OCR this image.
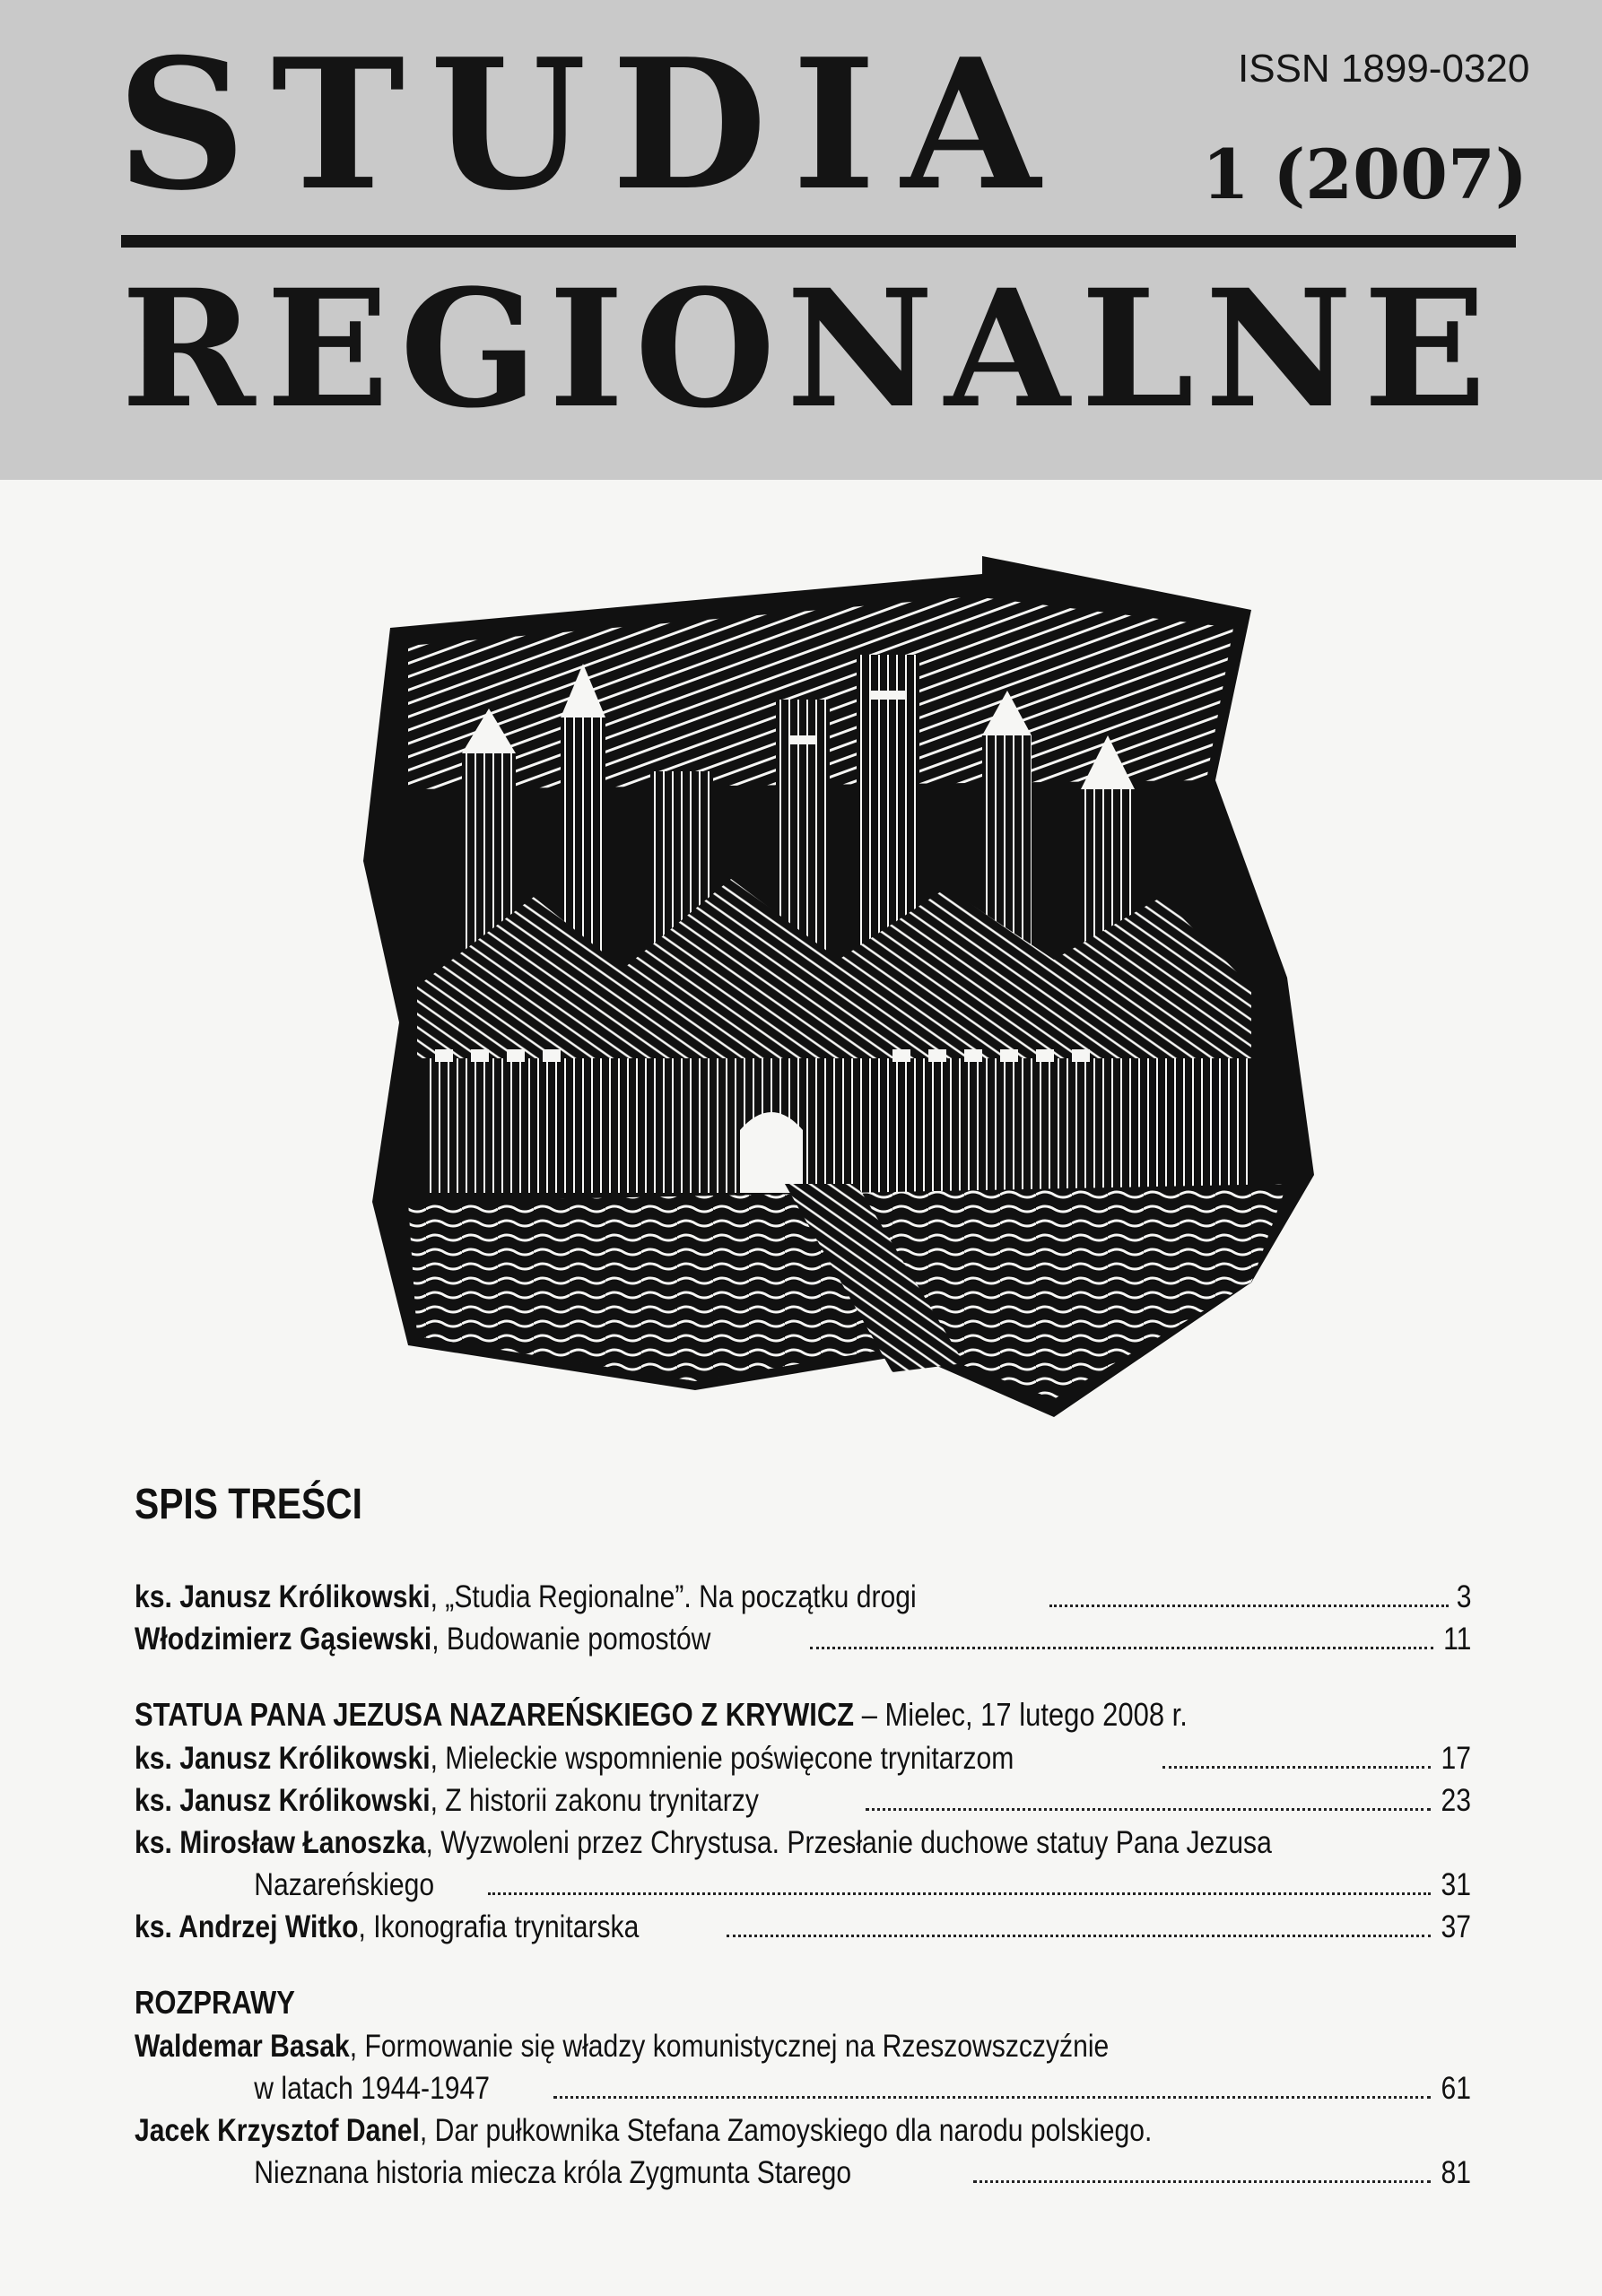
STUDIA	ISSN 1899-0320
1 (2007)
REGIONALNE
SPIS TREŚCI
ks. Janusz Królikowski, „Studia Regionalne”. Na początku drogi	3
Włodzimierz Gąsiewski, Budowanie pomostów	11
STATUA PANA JEZUSA NAZAREŃSKIEGO Z KRYWICZ – Mielec, 17 lutego 2008 r.
ks. Janusz Królikowski, Mieleckie wspomnienie poświęcone trynitarzom	17
ks. Janusz Królikowski, Z historii zakonu trynitarzy	23
ks. Mirosław Łanoszka, Wyzwoleni przez Chrystusa. Przesłanie duchowe statuy Pana Jezusa
Nazareńskiego	31
ks. Andrzej Witko, Ikonografia trynitarska	37
ROZPRAWY
Waldemar Basak, Formowanie się władzy komunistycznej na Rzeszowszczyźnie
w latach 1944-1947	61
Jacek Krzysztof Danel, Dar pułkownika Stefana Zamoyskiego dla narodu polskiego.
Nieznana historia miecza króla Zygmunta Starego	81
